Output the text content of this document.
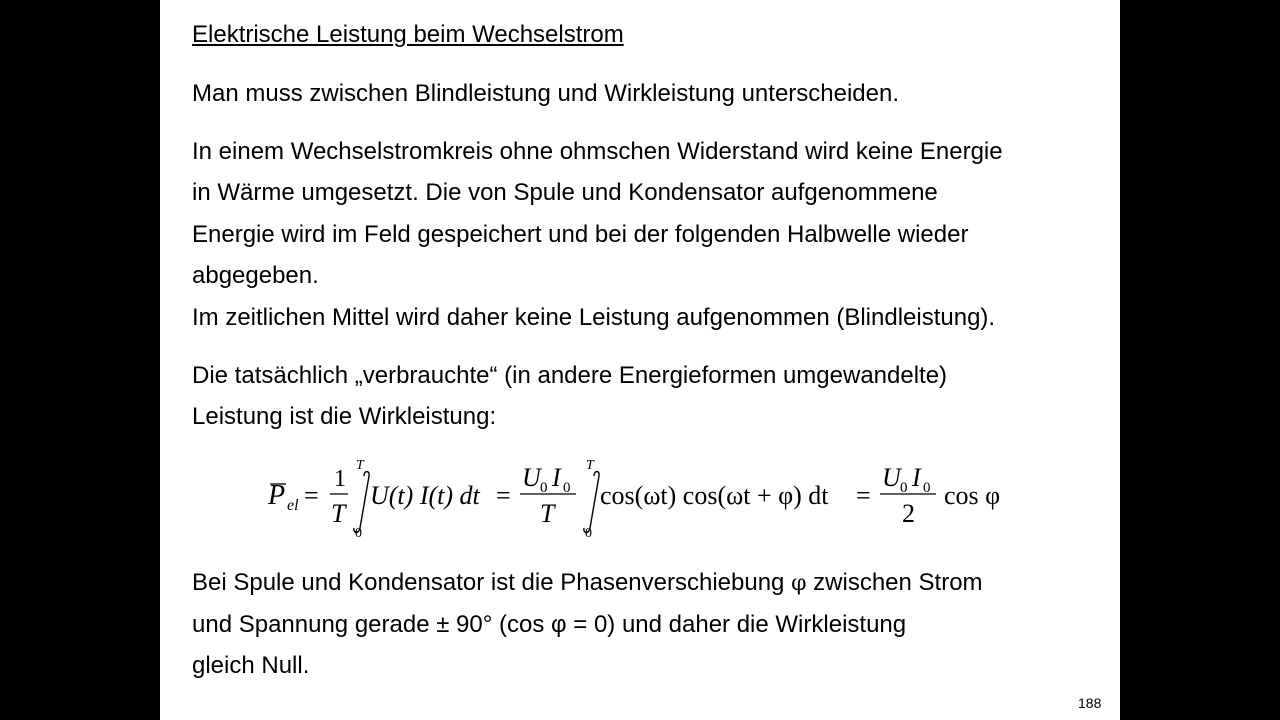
Elektrische Leistung beim Wechselstrom
Man muss zwischen Blindleistung und Wirkleistung unterscheiden.
In einem Wechselstromkreis ohne ohmschen Widerstand wird keine Energie
in Wärme umgesetzt. Die von Spule und Kondensator aufgenommene
Energie wird im Feld gespeichert und bei der folgenden Halbwelle wieder
abgegeben.
Im zeitlichen Mittel wird daher keine Leistung aufgenommen (Blindleistung).
Die tatsächlich „verbrauchte“ (in andere Energieformen umgewandelte)
Leistung ist die Wirkleistung:
P el =
1
T
T
0
U(t) I(t) dt =
U 0 I 0
T
T
0
cos(ωt) cos(ωt + φ) dt =
U 0 I 0
2
cos φ
Bei Spule und Kondensator ist die Phasenverschiebung φ zwischen Strom
und Spannung gerade ± 90° (cos φ = 0) und daher die Wirkleistung
gleich Null.
188
